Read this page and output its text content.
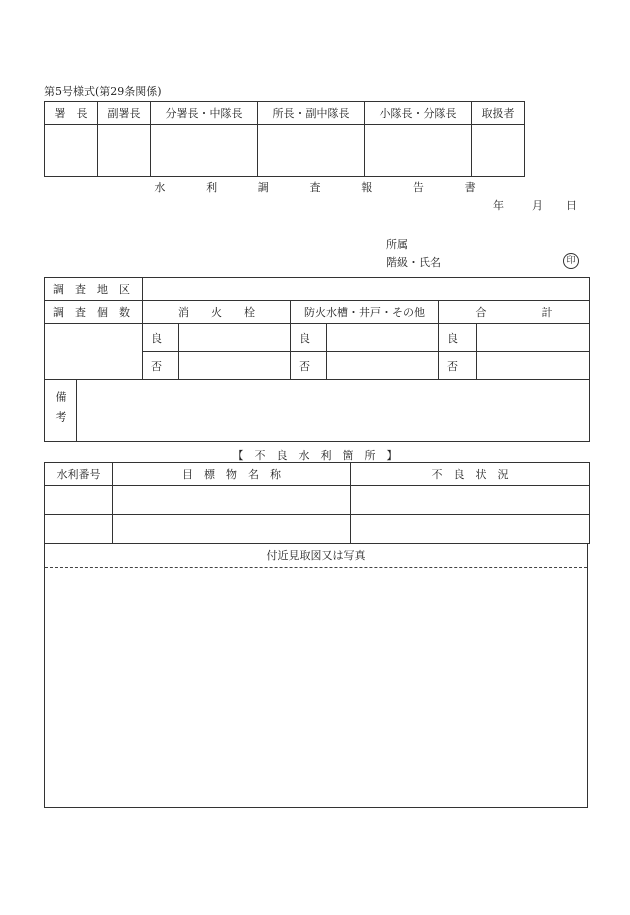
第5号様式(第29条関係)
署　長	副署長	分署長・中隊長	所長・副中隊長	小隊長・分隊長	取扱者

水　利　調　査　報　告　書
年	月 日
所属
階級・氏名	印
調　査　地　区							
調　査　個　数		消　　火　　栓		防火水槽・井戸・その他		合　　　　　計	
		良		良		良	
		否		否		否	

備考							

【　不　良　水　利　箇　所　】
水利番号	目　標　物　名　称	不　良　状　況

付近見取図又は写真
